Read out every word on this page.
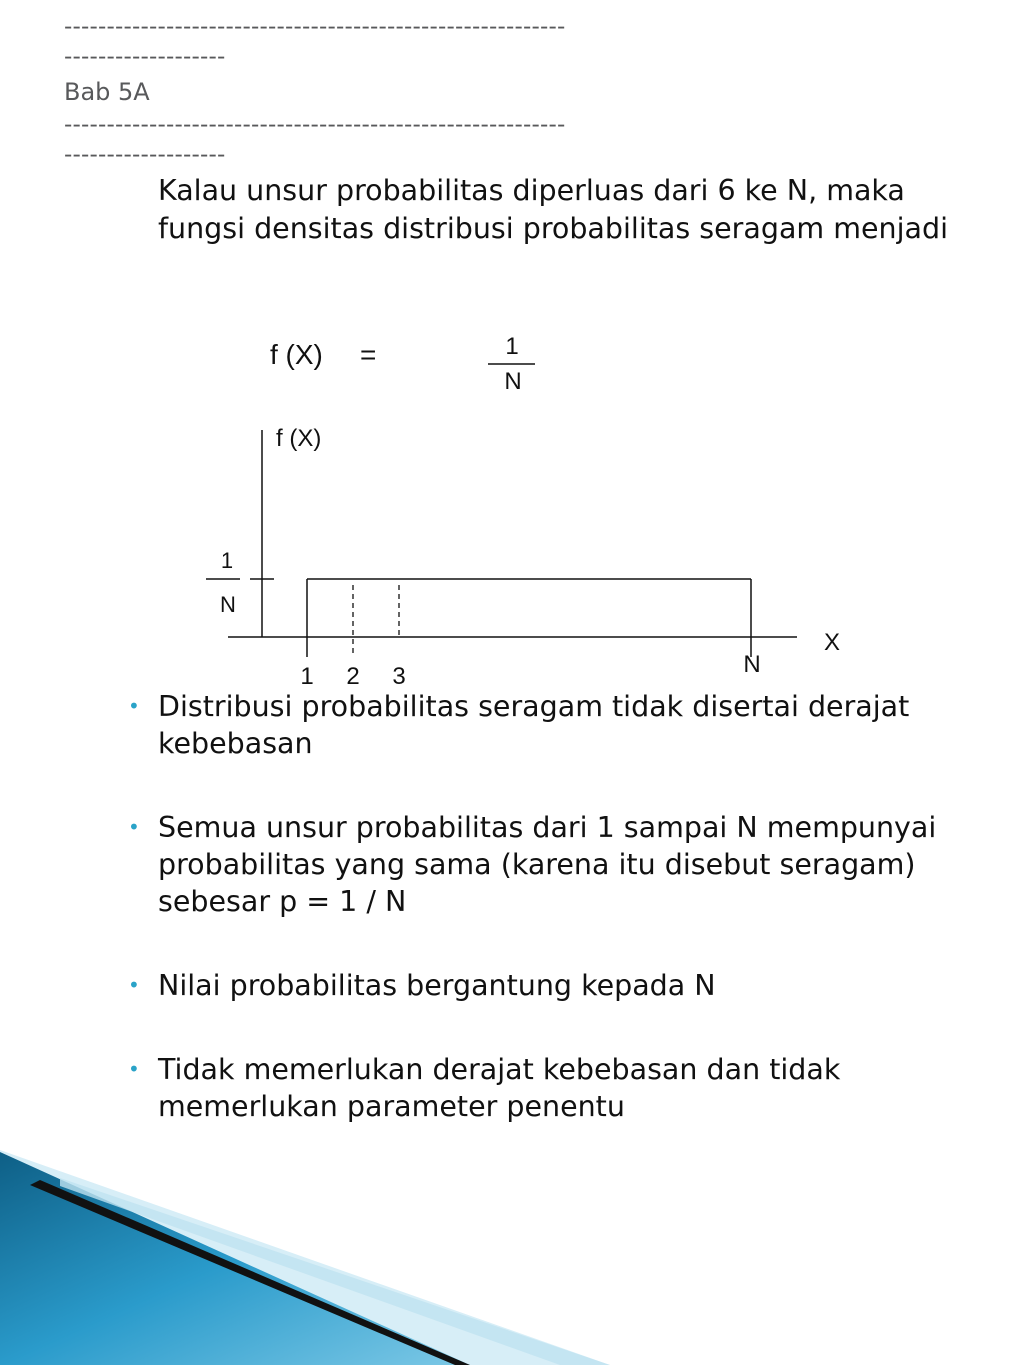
-----------------------------------------------------------

-------------------

Bab 5A

-----------------------------------------------------------

-------------------

Kalau unsur probabilitas diperluas dari 6 ke N, maka fungsi densitas distribusi probabilitas seragam menjadi

f (X) =	1
N
f (X)
X
1
N
1 2 3	N
• Distribusi probabilitas seragam tidak disertai derajat kebebasan
• Semua unsur probabilitas dari 1 sampai N mempunyai probabilitas yang sama (karena itu disebut seragam) sebesar p = 1 / N
• Nilai probabilitas bergantung kepada N
• Tidak memerlukan derajat kebebasan dan tidak memerlukan parameter penentu
